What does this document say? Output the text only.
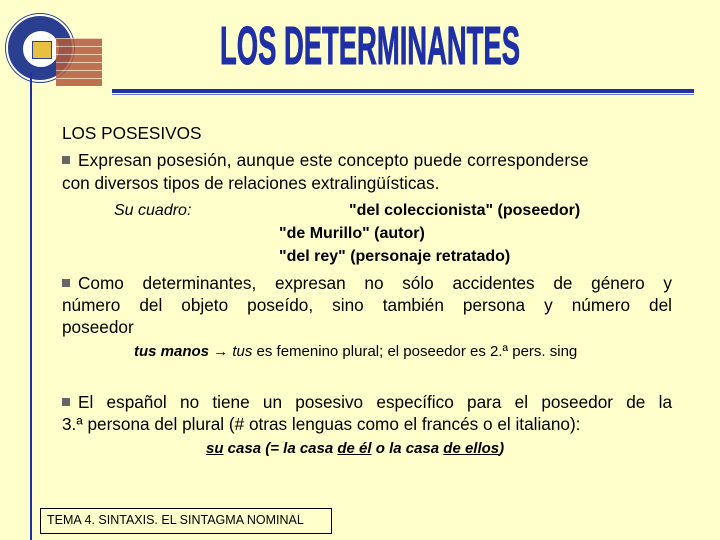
LOS DETERMINANTES
LOS POSESIVOS
Expresan posesión, aunque este concepto puede corresponderse
con diversos tipos de relaciones extralingüísticas.
Su cuadro:	"del coleccionista" (poseedor)
"de Murillo" (autor)
"del rey" (personaje retratado)
Como determinantes, expresan no sólo accidentes de género y
número del objeto poseído, sino también persona y número del
poseedor
tus manos → tus es femenino plural; el poseedor es 2.ª pers. sing
El español no tiene un posesivo específico para el poseedor de la
3.ª persona del plural (# otras lenguas como el francés o el italiano):
su casa (= la casa de él o la casa de ellos)
TEMA 4. SINTAXIS. EL SINTAGMA NOMINAL
